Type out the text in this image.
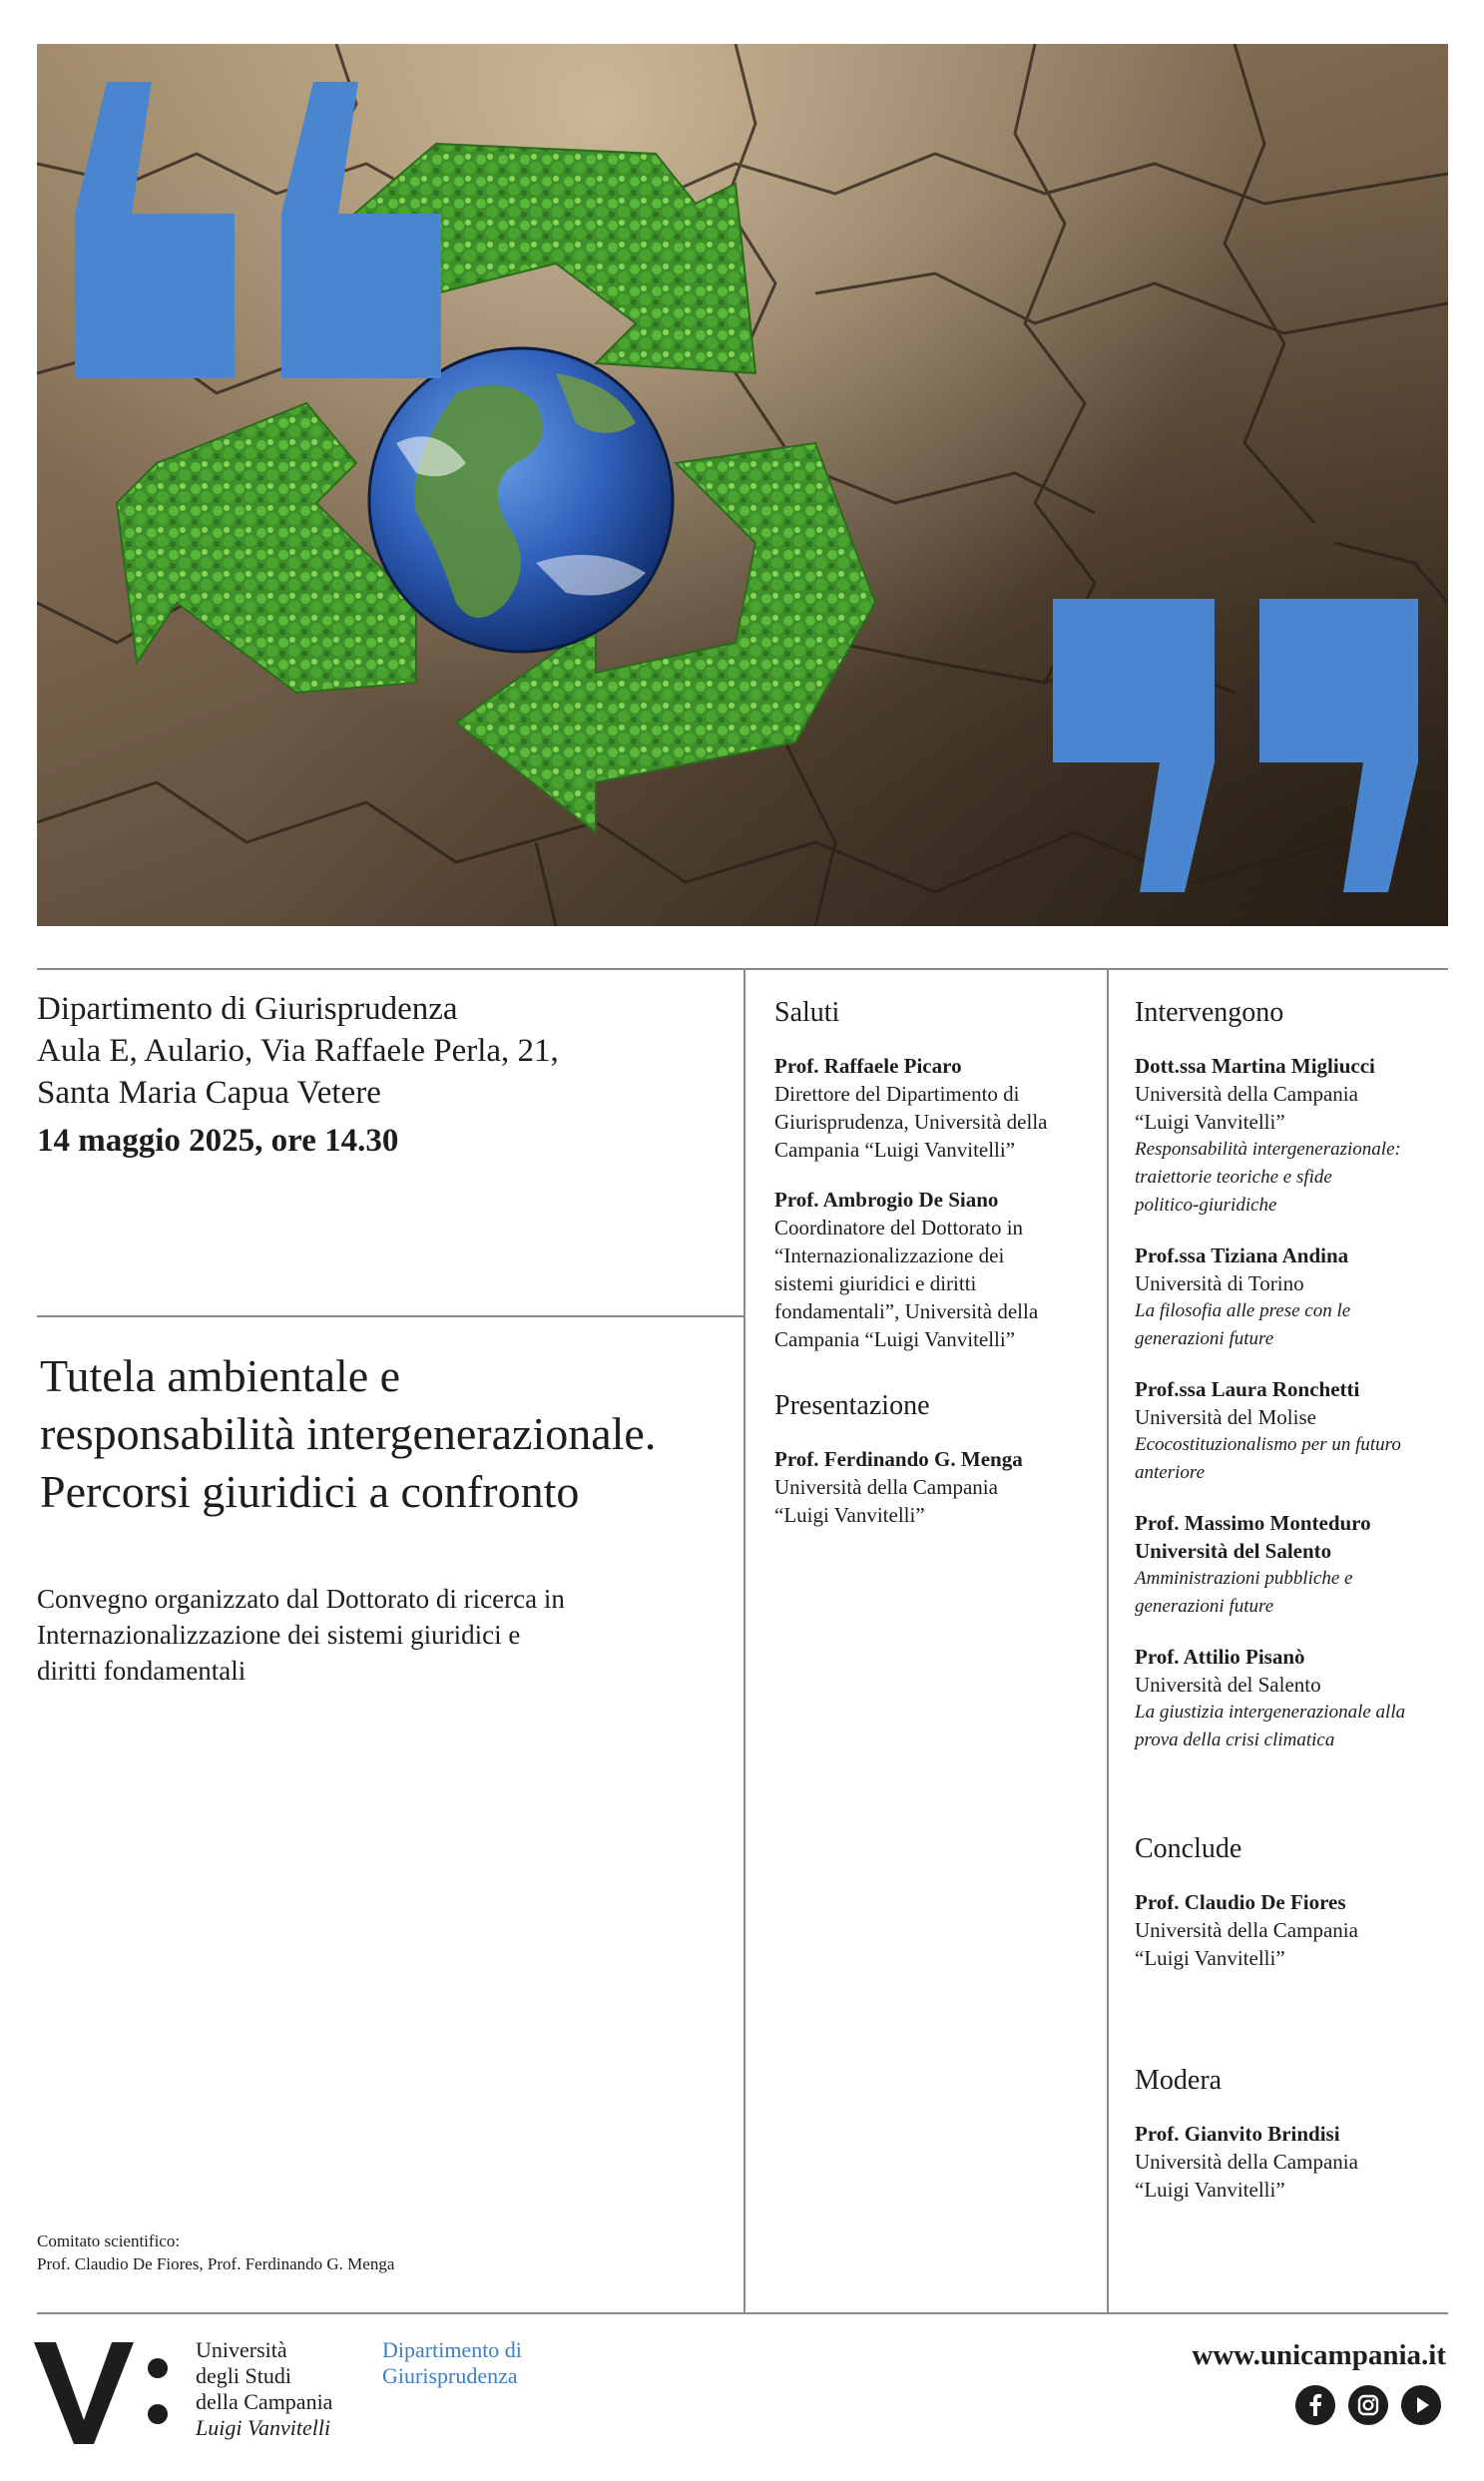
Dipartimento di Giurisprudenza
Aula E, Aulario, Via Raffaele Perla, 21,
Santa Maria Capua Vetere
14 maggio 2025, ore 14.30
Tutela ambientale e
responsabilità intergenerazionale.
Percorsi giuridici a confronto
Convegno organizzato dal Dottorato di ricerca in
Internazionalizzazione dei sistemi giuridici e
diritti fondamentali
Comitato scientifico:
Prof. Claudio De Fiores, Prof. Ferdinando G. Menga
Saluti
Prof. Raffaele Picaro
Direttore del Dipartimento di
Giurisprudenza, Università della
Campania “Luigi Vanvitelli”
Prof. Ambrogio De Siano
Coordinatore del Dottorato in
“Internazionalizzazione dei
sistemi giuridici e diritti
fondamentali”, Università della
Campania “Luigi Vanvitelli”
Presentazione
Prof. Ferdinando G. Menga
Università della Campania
“Luigi Vanvitelli”
Intervengono
Dott.ssa Martina Migliucci
Università della Campania
“Luigi Vanvitelli”
Responsabilità intergenerazionale:
traiettorie teoriche e sfide
politico-giuridiche
Prof.ssa Tiziana Andina
Università di Torino
La filosofia alle prese con le
generazioni future
Prof.ssa Laura Ronchetti
Università del Molise
Ecocostituzionalismo per un futuro
anteriore
Prof. Massimo Monteduro
Università del Salento
Amministrazioni pubbliche e
generazioni future
Prof. Attilio Pisanò
Università del Salento
La giustizia intergenerazionale alla
prova della crisi climatica
Conclude
Prof. Claudio De Fiores
Università della Campania
“Luigi Vanvitelli”
Modera
Prof. Gianvito Brindisi
Università della Campania
“Luigi Vanvitelli”
Università
degli Studi
della Campania
Luigi Vanvitelli
Dipartimento di
Giurisprudenza
www.unicampania.it
